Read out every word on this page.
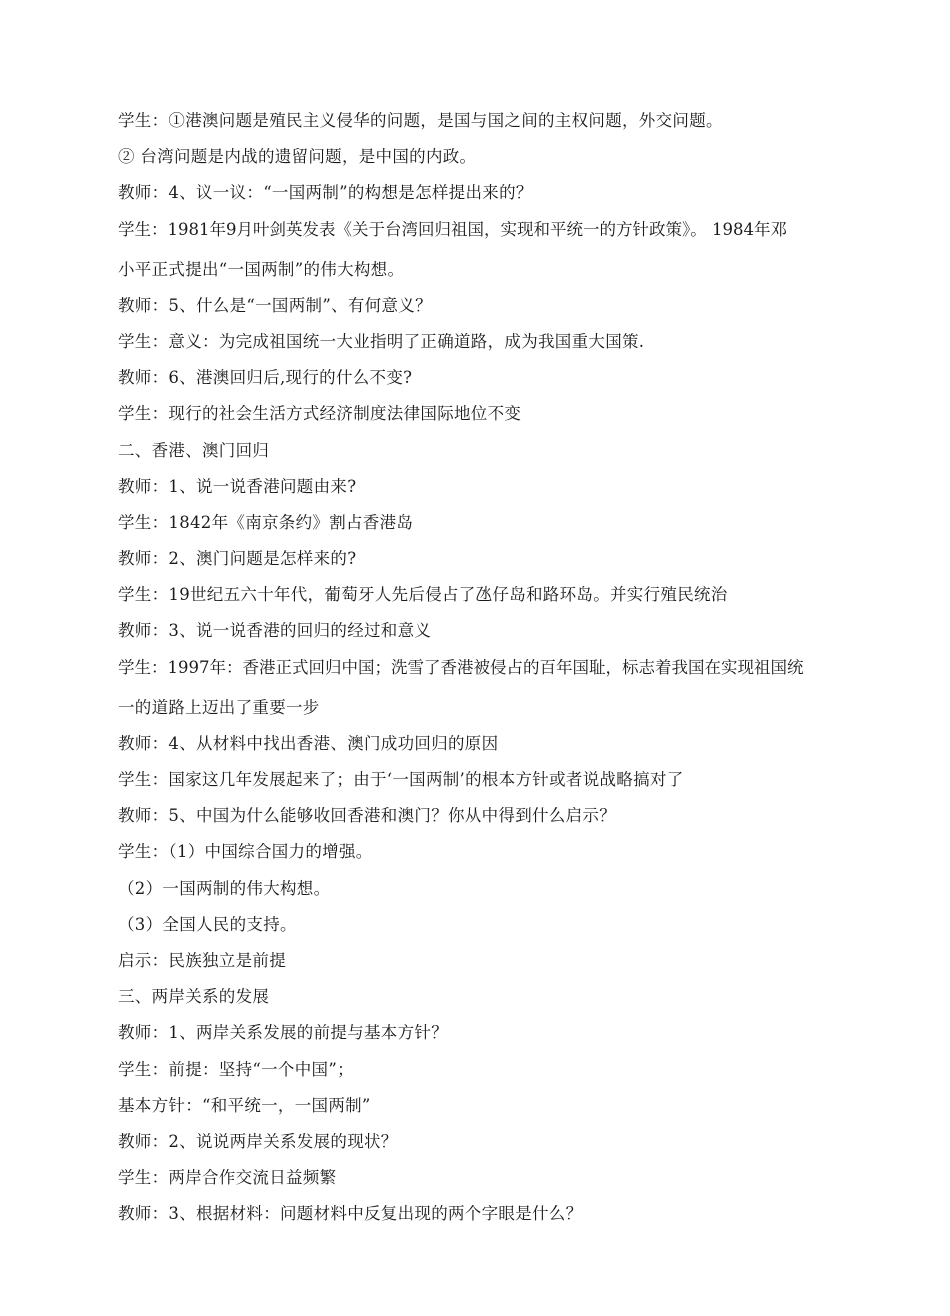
学生：①港澳问题是殖民主义侵华的问题，是国与国之间的主权问题，外交问题。
② 台湾问题是内战的遗留问题，是中国的内政。
教师：4、议一议：“一国两制”的构想是怎样提出来的？
学生：1981年9月叶剑英发表《关于台湾回归祖国，实现和平统一的方针政策》。 1984年邓
小平正式提出“一国两制”的伟大构想。
教师：5、什么是“一国两制”、有何意义？
学生：意义：为完成祖国统一大业指明了正确道路，成为我国重大国策.
教师：6、港澳回归后,现行的什么不变?
学生：现行的社会生活方式经济制度法律国际地位不变
二、香港、澳门回归
教师：1、说一说香港问题由来?
学生：1842年《南京条约》割占香港岛
教师：2、澳门问题是怎样来的?
学生：19世纪五六十年代，葡萄牙人先后侵占了氹仔岛和路环岛。并实行殖民统治
教师：3、说一说香港的回归的经过和意义
学生：1997年：香港正式回归中国；洗雪了香港被侵占的百年国耻，标志着我国在实现祖国统
一的道路上迈出了重要一步
教师：4、从材料中找出香港、澳门成功回归的原因
学生：国家这几年发展起来了；由于‘一国两制’的根本方针或者说战略搞对了
教师：5、中国为什么能够收回香港和澳门？你从中得到什么启示？
学生：（1）中国综合国力的增强。
（2）一国两制的伟大构想。
（3）全国人民的支持。
启示：民族独立是前提
三、两岸关系的发展
教师：1、两岸关系发展的前提与基本方针？
学生：前提：坚持“一个中国”；
基本方针：“和平统一，一国两制”
教师：2、说说两岸关系发展的现状？
学生：两岸合作交流日益频繁
教师：3、根据材料：问题材料中反复出现的两个字眼是什么？
